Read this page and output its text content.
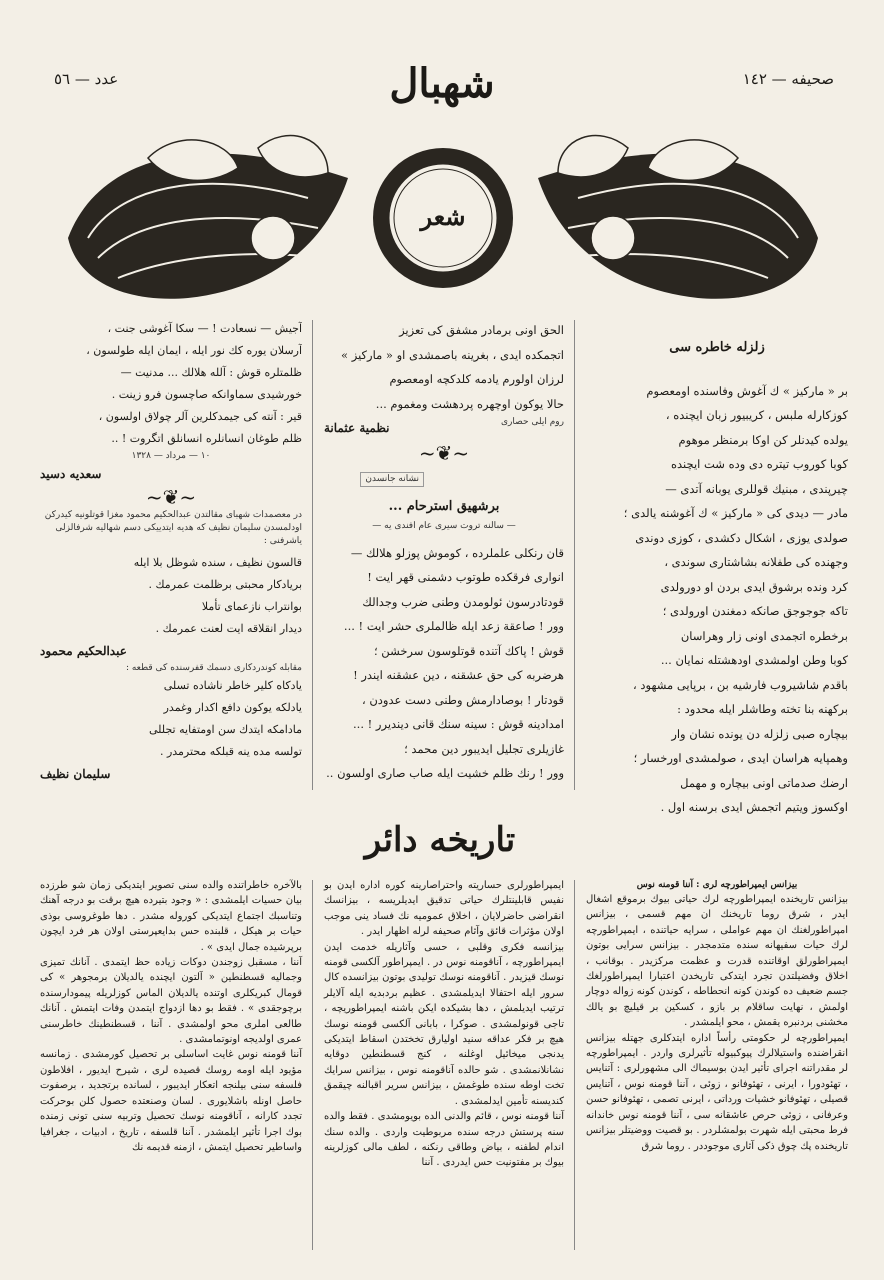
صحيفه — ١٤٢
شهبال
عدد — ٥٦
شعر
زلزله خاطره سى
بر « ماركيز » ك آغوش وفاسنده اومعصوم
كوزكارله ملبس ، كريبيور زبان ايچنده ،
يولده كيدنلر كن اوكا برمنظر موهوم
كوبا كوروب تيتره دى وده شت ايچنده
چيرپندى ، مبنيك قوللرى يوبانه آتدى —
مادر — ديدى كى « ماركيز » ك آغوشنه يالدى ؛
صولدى يوزى ، اشكال دكشدى ، كوزى دوندى
وجهنده كى طفلانه بشاشتارى سوندى ،
كرد ونده برشوق ايدى بردن او دورولدى
تاكه جوجوجق صانكه دمغندن اورولدى ؛
برخطره اتجمدى اونى زار وهراسان
كوبا وطن اولمشدى اودهشتله نمايان ...
باقدم شاشيروب فارشيه بن ، برپايى مشهود ،
بركهنه بنا تخته وطاشلر ايله محدود :
بيچاره صبى زلزله دن يونده نشان وار
وهمپايه هراسان ايدى ، صولمشدى اورخسار ؛
ارضك صدماتى اونى بيچاره و مهمل
اوكسوز ويتيم اتجمش ايدى برسنه اول .
الحق اونى برمادر مشفق كى تعزيز
اتجمكده ايدى ، بغرينه باصمشدى او « ماركيز »
لرزان اولورم يادمه كلدكچه اومعصوم
حالا يوكون اوچهره پردهشت ومغموم ...
روم ايلى حصارى
نظمية عثمانة
~❦~
نشانه جانسدن
برشهيق استرحام ...
— سالنه تروت سيرى عام افندى يه —
قان رنكلى علملرده ، كوموش پوزلو هلالك —
انوارى فرقكده طوتوب دشمنى قهر ايت !
قودتادرسون ئولومدن وطنى ضرب وجدالك
وور ! صاعقة زعد ايله ظالملرى حشر ايت ! ...
قوش ! پاكك آتنده قوتلوسون سرخشن ؛
هرضربه كى حق عشقنه ، دين عشقنه ايندر !
قودتار ! بوصادارمش وطنى دست عدودن ،
امدادينه قوش : سينه سنك قانى دينديرر ! ...
غازيلرى تجليل ايديبور دين محمد ؛
وور ! رنك ظلم خشيت ايله صاب صارى اولسون ..
آجيش — نسعادت ! — سكا آغوشى جنت ،
آرسلان يوره كك نور ايله ، ايمان ايله طولسون ،
ظلمتلره قوش : آلله هلالك ... مدنيت —
خورشيدى سماوانكه صاچسون فرو زينت .
قير : آنته كى جيمدكلرين آلر چولاق اولسون ،
ظلم طوغان انسانلره انسانلق اتگروت ! ..
١٠ — مرداد — ١٣٢٨
سعديه دسيد
~❦~
در معصمدات شهباى مقالتدن عبدالحكيم محمود مغزا قوتلونيه كيدركن اودلمسدن سليمان نظيف كه هديه ايتدييكى دسم شهاليه شرفالزلى ياشرفنى :
قالسون نظيف ، سنده شوظل بلا ايله
بريادكار محبتى برظلمت عمرمك .
بوانتراب نازعماى تأملا
ديدار انقلاقه ايت لعنت عمرمك .
عبدالحكيم محمود
مقابله كوندردكارى دسمك قفرسنده كى قطعه :
يادكاه كلير خاطر ناشاده تسلى
يادلكه يوكون دافع اكدار وغمدر
مادامكه ايتدك سن اومتفايه تجللى
تولسه مده ينه قبلكه محترمدر .
سليمان نظيف
تاريخه دائر
بيزانس ايمپراطورچه لرى : آننا قومنه نوس

بيزانس تاريخنده ايمپراطورچه لرك حياتى بيوك برموقع اشغال ايدر ، شرق روما تاريخنك ان مهم قسمى ، بيزانس امپراطورلغنك ان مهم عواملى ، سرايه حياتنده ، ايمپراطورچه لرك حيات سفيهانه سنده متدمجدر . بيزانس سرايى بوتون ايمپراطورلق اوقاتنده قدرت و عظمت مركزيدر . بوقانب ، اخلاق وفضيلتدن تجرد ايتدكى تاريخدن اعتبارا ايمپراطورلغك جسم ضعيف ده كوندن كونه انحطاطه ، كوندن كونه زواله دوچار اولمش ، نهايت ساقلام بر بازو ، كسكين بر قيليچ بو يالك مخشنى بردنبره يقمش ، محو ايلمشدر .

ايمپراطورچه لر حكومتى رأساً اداره ايتدكلرى جهتله بيزانس انقراضنده واستيلالرك پيوكبيوله تأثيرلرى واردر . ايمپراطورچه لر مقدراتنه اجراى تأثير ايدن بوسيماك الى مشهورلرى : آتنايس ، تهئودورا ، ايرنى ، تهئوفانو ، زوئى ، آننا قومنه نوس ، آتنايس قصيلى ، تهئوفانو خشيات ورداتى ، ايرنى تصمى ، تهئوفانو حسن وعرفانى ، زوئى حرص عاشقانه سى ، آننا قومنه نوس خاندانه فرط محبتى ايله شهرت بولمشلردر . بو قصيت ووضيتلر بيزانس تاريخنده پك چوق ذكى آثارى موجوددر . روما شرق

ايمپراطورلرى حساريته واحتراصارينه كوره اداره ايدن بو نفيس قابلينتلرك حياتى تدقيق ايديلريسه ، بيزانسك انقراضى حاضرلايان ، اخلاق عموميه نك فساد ينى موجب اولان مؤثرات قائق وآثام صحيفه لرله اظهار ايدر .

بيزانسه فكرى وقلبى ، حسى وآثاريله خدمت ايدن ايمپراطورچه ، آناقومنه نوس در . ايمپراطور آلكسى قومنه نوسك قيزيدر . آناقومنه نوسك توليدى بوتون بيزانسده كال سرور ايله احتفالا ايديلمشدى . عظيم بردبديه ايله آلايلر ترتيب ايديلمش ، دها بشيكده ايكن باشنه ايمپراطوريچه ، تاجى قونولمشدى . صوكرا ، بابانى آلكسى قومنه نوسك هيچ بر فكر عداقه سنيد اوليارق تخختدن اسقاط ايتديكى يدنجى ميخائيل اوغلنه ، كنج قسطنطين دوقايه نشانلانمشدى . شو حالده آناقومنه نوس ، بيزانس سرايك تخت اوطه سنده طوغمش ، بيزانس سرير اقبالنه چيقمق كنديسنه تأمين ايدلمشدى .

آننا قومنه نوس ، قائم والدنى الده بويومشدى . فقط والده سنه پرستش درجه سنده مربوطيت واردى . والده سنك اندام لطفنه ، بياض وطاقى رنكنه ، لطف مالى كوزلرينه بيوك بر مفتونيت حس ايدردى . آننا

بالآخره خاطراتنده والده سنى تصوير ايتديكى زمان شو طرزده بيان حسيات ايلمشدى : « وجود بتيرده هيچ برقت بو درجه آهنك وتناسبك اجتماع ايتديكى كوروله مشدر . دها طوغروسى بوذى حيات بر هيكل ، قلبنده حس بدايعپرستى اولان هر فرد ايچون برپرشيده جمال ايدى » .

آننا ، مسقبل زوجندن دوكات زياده حظ ايتمدى . آنانك تميزى وجماليه قسطنطين « آلتون ايچنده يالديلان برمجوهر » كى قومال كبريكلرى اوتنده يالديلان الماس كوزلريله پيمودارسنده برچوجقدى » . فقط بو دها ازدواج ايتمدن وفات ايتمش . آنانك طالعى املرى محو اولمشدى . آننا ، قسطنطينك خاطرسنى عمرى اولديجه اونوتمامشدى .

آننا قومنه نوس غايت اساسلى بر تحصيل كورمشدى . زمانسه مؤيود ايله اومه روسك قصيده لرى ، شيرح ايديور ، افلاطون فلسفه سنى بيلنجه اتعكار ايديبور ، لسانده برتجديد ، برصفوت حاصل اونله باشلايورى . لسان وصنعتده حصول كلن بوحركت تجدد كارانه ، آناقومنه نوسك تحصيل وتربيه سنى تونى زمنده بوك اجرا تأثير ايلمشدر . آننا قلسفه ، تاريخ ، ادبيات ، جغرافيا واساطير تحصيل ايتمش ، ازمنه قديمه نك
